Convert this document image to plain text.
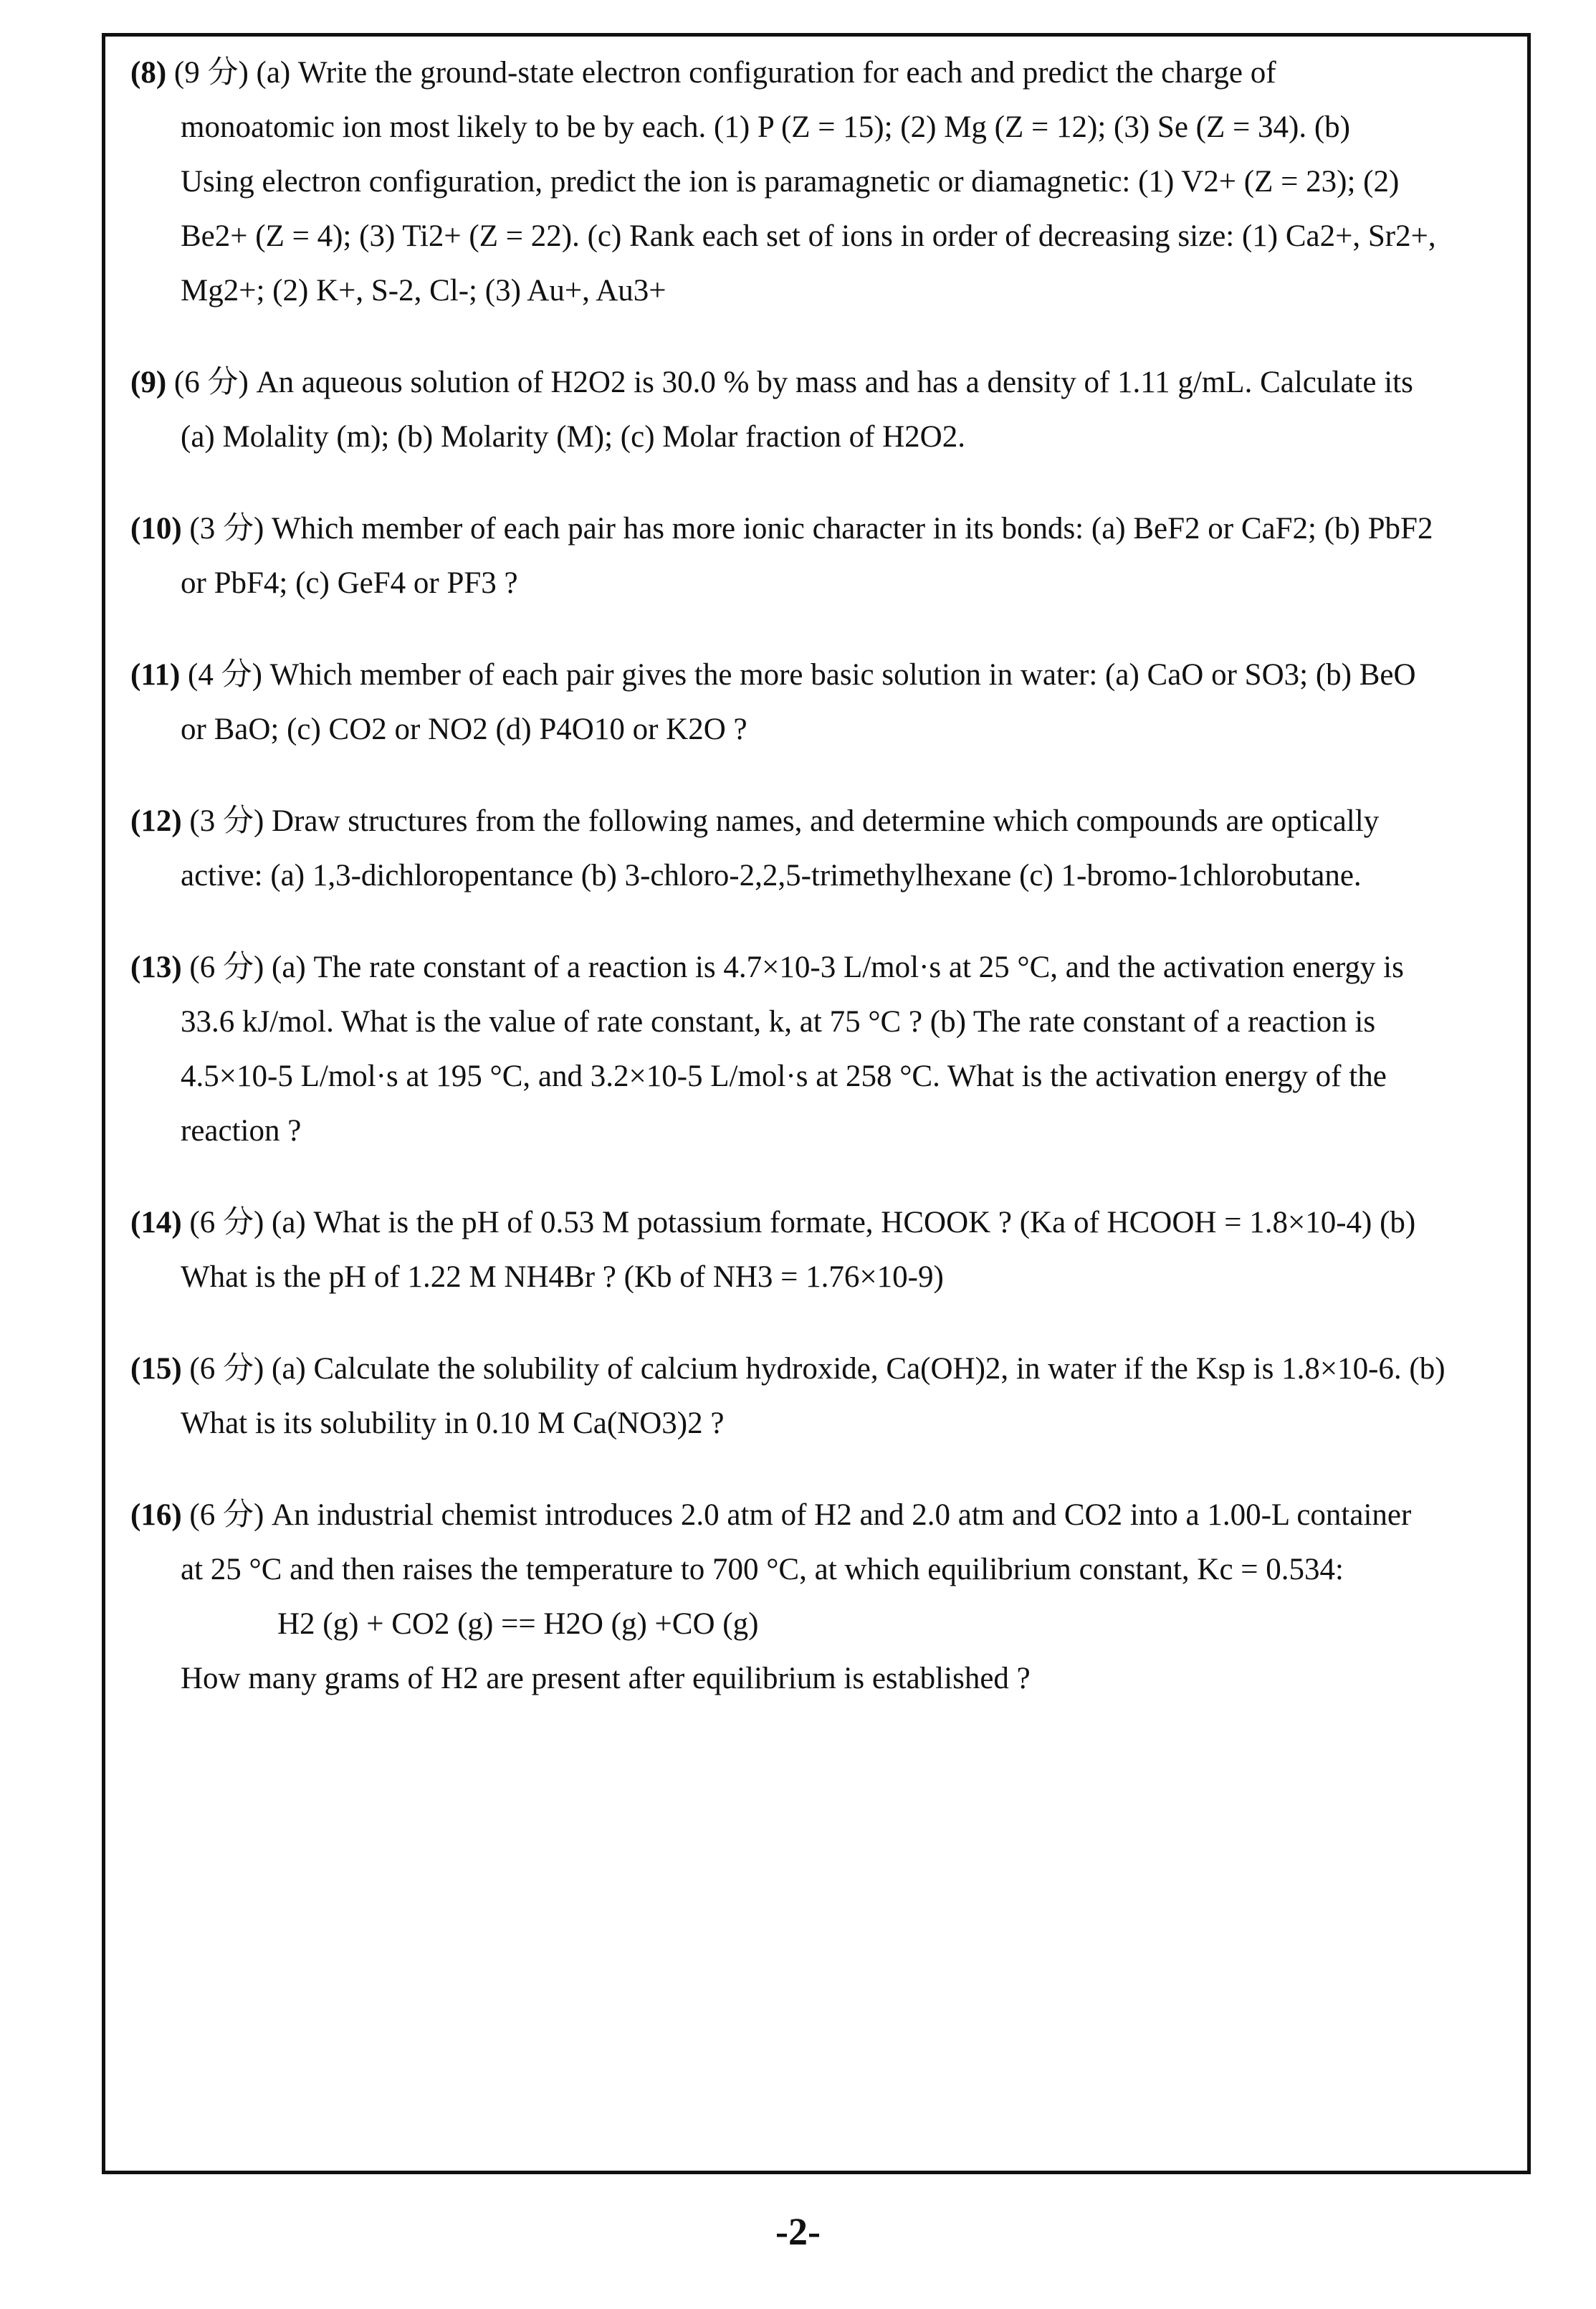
(8) (9 分) (a) Write the ground-state electron configuration for each and predict the charge of
monoatomic ion most likely to be by each. (1) P (Z = 15); (2) Mg (Z = 12); (3) Se (Z = 34). (b)
Using electron configuration, predict the ion is paramagnetic or diamagnetic: (1) V2+ (Z = 23); (2)
Be2+ (Z = 4); (3) Ti2+ (Z = 22). (c) Rank each set of ions in order of decreasing size: (1) Ca2+, Sr2+,
Mg2+; (2) K+, S-2, Cl-; (3) Au+, Au3+
(9) (6 分) An aqueous solution of H2O2 is 30.0 % by mass and has a density of 1.11 g/mL. Calculate its
(a) Molality (m); (b) Molarity (M); (c) Molar fraction of H2O2.
(10) (3 分) Which member of each pair has more ionic character in its bonds: (a) BeF2 or CaF2; (b) PbF2
or PbF4; (c) GeF4 or PF3 ?
(11) (4 分) Which member of each pair gives the more basic solution in water: (a) CaO or SO3; (b) BeO
or BaO; (c) CO2 or NO2 (d) P4O10 or K2O ?
(12) (3 分) Draw structures from the following names, and determine which compounds are optically
active: (a) 1,3-dichloropentance (b) 3-chloro-2,2,5-trimethylhexane (c) 1-bromo-1chlorobutane.
(13) (6 分) (a) The rate constant of a reaction is 4.7×10-3 L/mol·s at 25 °C, and the activation energy is
33.6 kJ/mol. What is the value of rate constant, k, at 75 °C ? (b) The rate constant of a reaction is
4.5×10-5 L/mol·s at 195 °C, and 3.2×10-5 L/mol·s at 258 °C. What is the activation energy of the
reaction ?
(14) (6 分) (a) What is the pH of 0.53 M potassium formate, HCOOK ? (Ka of HCOOH = 1.8×10-4) (b)
What is the pH of 1.22 M NH4Br ? (Kb of NH3 = 1.76×10-9)
(15) (6 分) (a) Calculate the solubility of calcium hydroxide, Ca(OH)2, in water if the Ksp is 1.8×10-6. (b)
What is its solubility in 0.10 M Ca(NO3)2 ?
(16) (6 分) An industrial chemist introduces 2.0 atm of H2 and 2.0 atm and CO2 into a 1.00-L container
at 25 °C and then raises the temperature to 700 °C, at which equilibrium constant, Kc = 0.534:
H2 (g) + CO2 (g) == H2O (g) +CO (g)
How many grams of H2 are present after equilibrium is established ?
-2-
